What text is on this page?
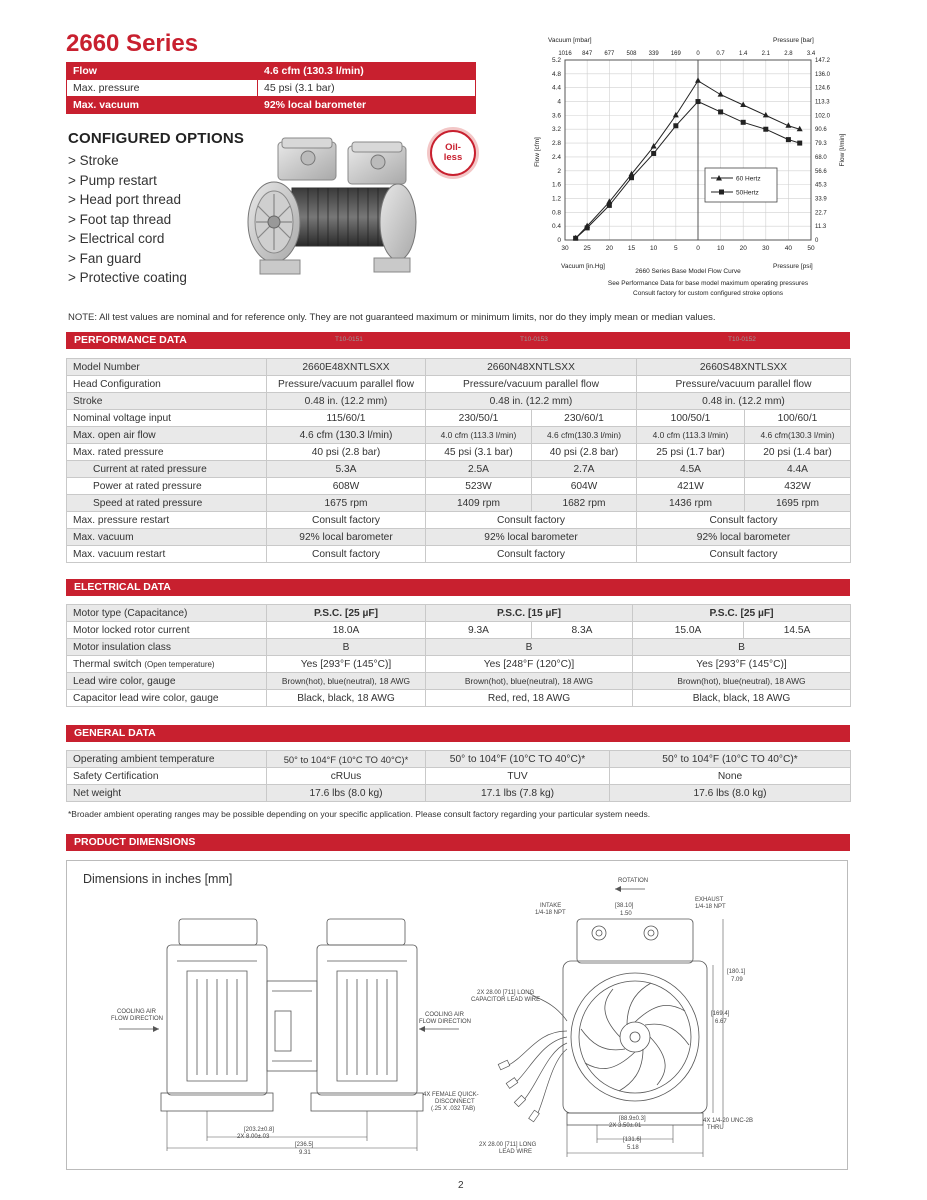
2660 Series
Flow	4.6 cfm (130.3 l/min)
Max. pressure	45 psi (3.1 bar)
Max. vacuum	92% local barometer
CONFIGURED OPTIONS
> Stroke
> Pump restart
> Head port thread
> Foot tap thread
> Electrical cord
> Fan guard
> Protective coating
Oil-
less
0	0
0.4	11.3
0.8	22.7
1.2	33.9
1.6	45.3
2	56.6
2.4	68.0
2.8	79.3
3.2	90.6
3.6	102.0
4	113.3
4.4	124.6
4.8	136.0
5.2	147.2
30
1016
25
847
20
677
15
508
10
339
5
169
0
0
10
0.7
20
1.4
30
2.1
40
2.8
50
3.4
Vacuum [mbar]	Pressure [bar]
Vacuum [in.Hg]	Pressure [psi]
2660 Series Base Model Flow Curve
See Performance Data for base model maximum operating pressures
Consult factory for custom configured stroke options
Flow [cfm]	Flow [l/min]
60 Hertz
50Hertz
NOTE: All test values are nominal and for reference only. They are not guaranteed maximum or minimum limits, nor do they imply mean or median values.
PERFORMANCE DATA	T10-0151	T10-0153	T10-0152
Model Number	2660E48XNTLSXX	2660N48XNTLSXX		2660S48XNTLSXX	
Head Configuration	Pressure/vacuum parallel flow	Pressure/vacuum parallel flow		Pressure/vacuum parallel flow	
Stroke	0.48 in. (12.2 mm)	0.48 in. (12.2 mm)		0.48 in. (12.2 mm)	
Nominal voltage input	115/60/1	230/50/1	230/60/1	100/50/1	100/60/1
Max. open air flow	4.6 cfm (130.3 l/min)	4.0 cfm (113.3 l/min)	4.6 cfm(130.3 l/min)	4.0 cfm (113.3 l/min)	4.6 cfm(130.3 l/min)
Max. rated pressure	40 psi (2.8 bar)	45 psi (3.1 bar)	40 psi (2.8 bar)	25 psi (1.7 bar)	20 psi (1.4 bar)
Current at rated pressure	5.3A	2.5A	2.7A	4.5A	4.4A
Power at rated pressure	608W	523W	604W	421W	432W
Speed at rated pressure	1675 rpm	1409 rpm	1682 rpm	1436 rpm	1695 rpm
Max. pressure restart	Consult factory	Consult factory		Consult factory	
Max. vacuum	92% local barometer	92% local barometer		92% local barometer	
Max. vacuum restart	Consult factory	Consult factory		Consult factory	
ELECTRICAL DATA
Motor type (Capacitance)	P.S.C. [25 µF]	P.S.C. [15 µF]		P.S.C. [25 µF]	
Motor locked rotor current	18.0A	9.3A	8.3A	15.0A	14.5A
Motor insulation class	B	B		B	
Thermal switch (Open temperature)	Yes [293°F (145°C)]	Yes [248°F (120°C)]		Yes [293°F (145°C)]	
Lead wire color, gauge	Brown(hot), blue(neutral), 18 AWG	Brown(hot), blue(neutral), 18 AWG		Brown(hot), blue(neutral), 18 AWG	
Capacitor lead wire color, gauge	Black, black, 18 AWG	Red, red, 18 AWG		Black, black, 18 AWG	
GENERAL DATA
Operating ambient temperature	50° to 104°F (10°C TO 40°C)*	50° to 104°F (10°C TO 40°C)*	50° to 104°F (10°C TO 40°C)*
Safety Certification	cRUus	TUV	None
Net weight	17.6 lbs (8.0 kg)	17.1 lbs (7.8 kg)	17.6 lbs (8.0 kg)
*Broader ambient operating ranges may be possible depending on your specific application. Please consult factory regarding your particular system needs.
PRODUCT DIMENSIONS
Dimensions in inches [mm]
COOLING AIR
FLOW DIRECTION
COOLING AIR
FLOW DIRECTION
[203.2±0.8]
2X 8.00±.03
[236.5]
9.31
ROTATION
INTAKE
1/4-18 NPT
EXHAUST
1/4-18 NPT
[38.10]
1.50
2X 28.00 [711] LONG
CAPACITOR LEAD WIRE
4X FEMALE QUICK-
DISCONNECT
(.25 X .032 TAB)
2X 28.00 [711] LONG
LEAD WIRE
[180.1]
7.09
[169.4]
6.67
[88.9±0.3]
2X 3.50±.01
[131.6]
5.18
4X 1/4-20 UNC-2B
THRU
2
